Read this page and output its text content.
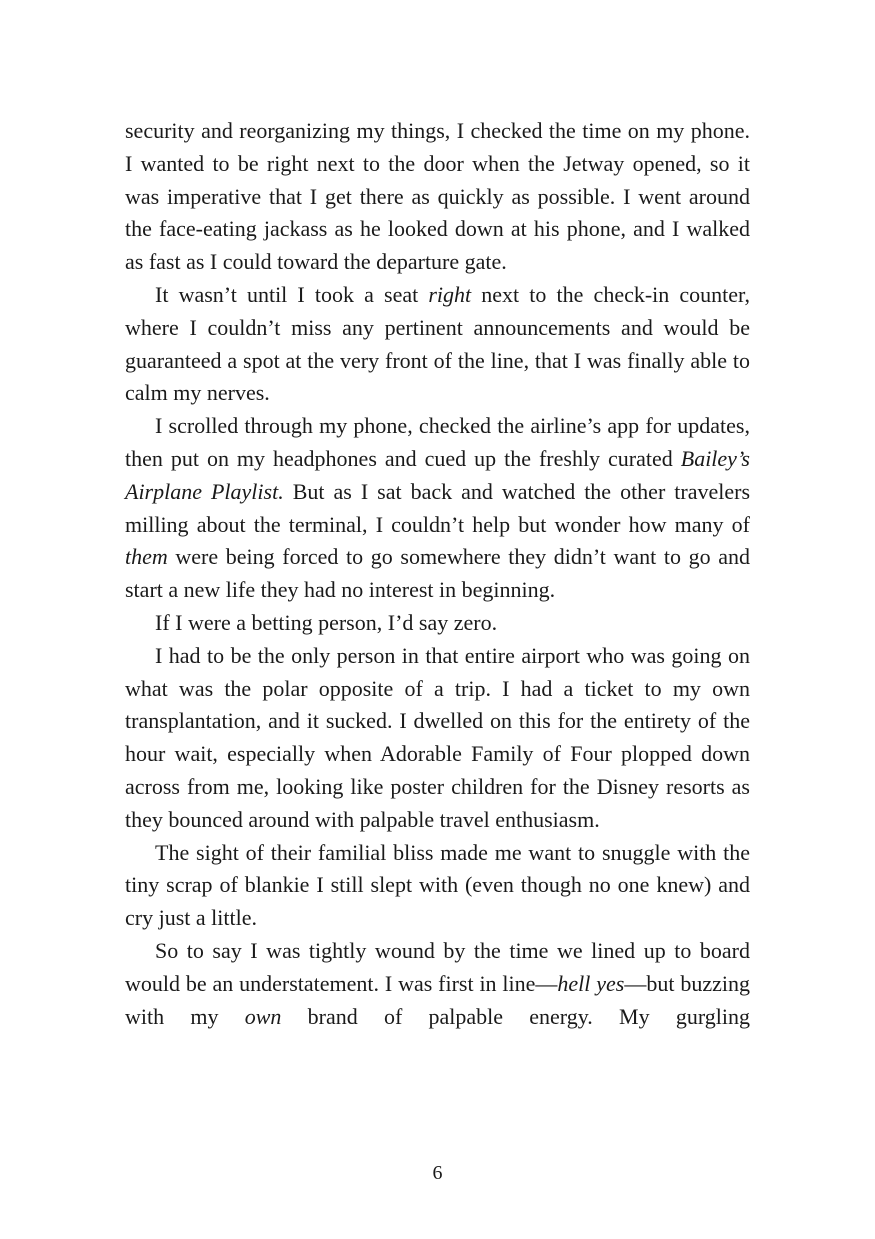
security and reorganizing my things, I checked the time on my phone. I wanted to be right next to the door when the Jetway opened, so it was imperative that I get there as quickly as possible. I went around the face-eating jackass as he looked down at his phone, and I walked as fast as I could toward the departure gate.

It wasn’t until I took a seat right next to the check-in counter, where I couldn’t miss any pertinent announcements and would be guaranteed a spot at the very front of the line, that I was finally able to calm my nerves.

I scrolled through my phone, checked the airline’s app for updates, then put on my headphones and cued up the freshly curated Bailey’s Airplane Playlist. But as I sat back and watched the other travelers milling about the terminal, I couldn’t help but wonder how many of them were being forced to go somewhere they didn’t want to go and start a new life they had no interest in beginning.

If I were a betting person, I’d say zero.

I had to be the only person in that entire airport who was going on what was the polar opposite of a trip. I had a ticket to my own transplantation, and it sucked. I dwelled on this for the entirety of the hour wait, especially when Adorable Family of Four plopped down across from me, looking like poster children for the Disney resorts as they bounced around with palpable travel enthusiasm.

The sight of their familial bliss made me want to snuggle with the tiny scrap of blankie I still slept with (even though no one knew) and cry just a little.

So to say I was tightly wound by the time we lined up to board would be an understatement. I was first in line—hell yes—but buzzing with my own brand of palpable energy. My gurgling

6
